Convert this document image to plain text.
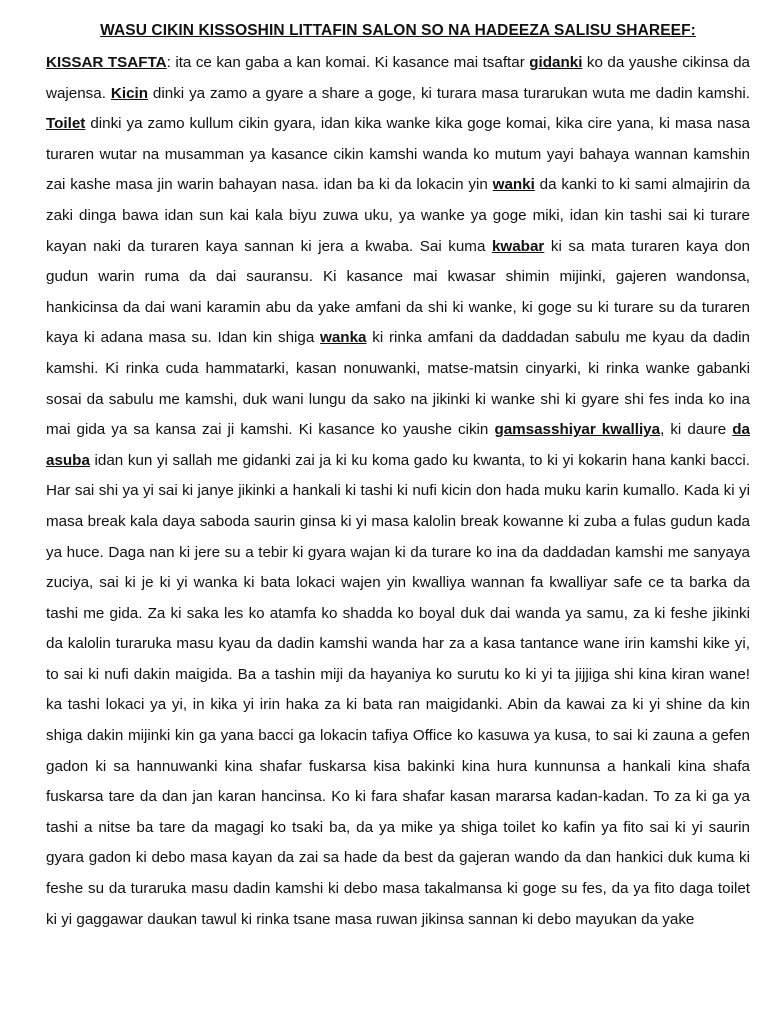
WASU CIKIN KISSOSHIN LITTAFIN SALON SO NA HADEEZA SALISU SHAREEF:

KISSAR TSAFTA: ita ce kan gaba a kan komai. Ki kasance mai tsaftar gidanki ko da yaushe cikinsa da wajensa. Kicin dinki ya zamo a gyare a share a goge, ki turara masa turarukan wuta me dadin kamshi. Toilet dinki ya zamo kullum cikin gyara, idan kika wanke kika goge komai, kika cire yana, ki masa nasa turaren wutar na musamman ya kasance cikin kamshi wanda ko mutum yayi bahaya wannan kamshin zai kashe masa jin warin bahayan nasa. idan ba ki da lokacin yin wanki da kanki to ki sami almajirin da zaki dinga bawa idan sun kai kala biyu zuwa uku, ya wanke ya goge miki, idan kin tashi sai ki turare kayan naki da turaren kaya sannan ki jera a kwaba. Sai kuma kwabar ki sa mata turaren kaya don gudun warin ruma da dai sauransu. Ki kasance mai kwasar shimin mijinki, gajeren wandonsa, hankicinsa da dai wani karamin abu da yake amfani da shi ki wanke, ki goge su ki turare su da turaren kaya ki adana masa su. Idan kin shiga wanka ki rinka amfani da daddadan sabulu me kyau da dadin kamshi. Ki rinka cuda hammatarki, kasan nonuwanki, matse-matsin cinyarki, ki rinka wanke gabanki sosai da sabulu me kamshi, duk wani lungu da sako na jikinki ki wanke shi ki gyare shi fes inda ko ina mai gida ya sa kansa zai ji kamshi. Ki kasance ko yaushe cikin gamsasshiyar kwalliya, ki daure da asuba idan kun yi sallah me gidanki zai ja ki ku koma gado ku kwanta, to ki yi kokarin hana kanki bacci. Har sai shi ya yi sai ki janye jikinki a hankali ki tashi ki nufi kicin don hada muku karin kumallo. Kada ki yi masa break kala daya saboda saurin ginsa ki yi masa kalolin break kowanne ki zuba a fulas gudun kada ya huce. Daga nan ki jere su a tebir ki gyara wajan ki da turare ko ina da daddadan kamshi me sanyaya zuciya, sai ki je ki yi wanka ki bata lokaci wajen yin kwalliya wannan fa kwalliyar safe ce ta barka da tashi me gida. Za ki saka les ko atamfa ko shadda ko boyal duk dai wanda ya samu, za ki feshe jikinki da kalolin turaruka masu kyau da dadin kamshi wanda har za a kasa tantance wane irin kamshi kike yi, to sai ki nufi dakin maigida. Ba a tashin miji da hayaniya ko surutu ko ki yi ta jijjiga shi kina kiran wane! ka tashi lokaci ya yi, in kika yi irin haka za ki bata ran maigidanki. Abin da kawai za ki yi shine da kin shiga dakin mijinki kin ga yana bacci ga lokacin tafiya Office ko kasuwa ya kusa, to sai ki zauna a gefen gadon ki sa hannuwanki kina shafar fuskarsa kisa bakinki kina hura kunnunsa a hankali kina shafa fuskarsa tare da dan jan karan hancinsa. Ko ki fara shafar kasan mararsa kadan-kadan. To za ki ga ya tashi a nitse ba tare da magagi ko tsaki ba, da ya mike ya shiga toilet ko kafin ya fito sai ki yi saurin gyara gadon ki debo masa kayan da zai sa hade da best da gajeran wando da dan hankici duk kuma ki feshe su da turaruka masu dadin kamshi ki debo masa takalmansa ki goge su fes, da ya fito daga toilet ki yi gaggawar daukan tawul ki rinka tsane masa ruwan jikinsa sannan ki debo mayukan da yake
